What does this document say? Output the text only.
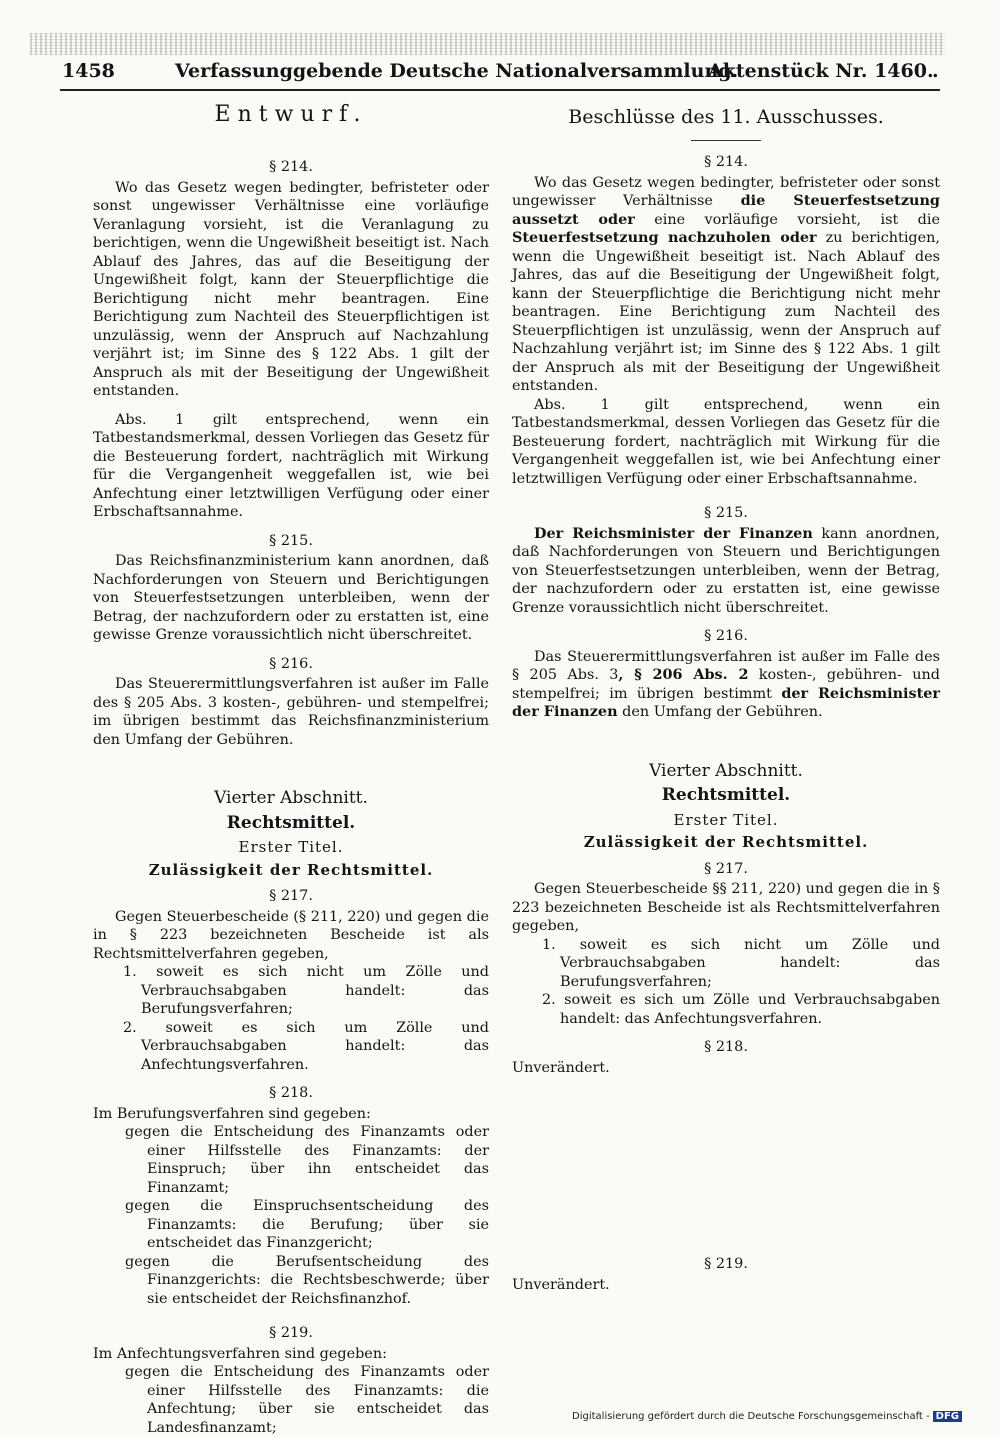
1458	Verfassunggebende Deutsche Nationalversammlung.
Aktenstück Nr. 1460.
.
Entwurf.
§ 214.

Wo das Gesetz wegen bedingter, befristeter oder sonst ungewisser Verhältnisse eine vorläufige Veranlagung vorsieht, ist die Veranlagung zu berichtigen, wenn die Ungewißheit beseitigt ist. Nach Ablauf des Jahres, das auf die Beseitigung der Ungewißheit folgt, kann der Steuerpflichtige die Berichtigung nicht mehr beantragen. Eine Berichtigung zum Nachteil des Steuerpflichtigen ist unzulässig, wenn der Anspruch auf Nachzahlung verjährt ist; im Sinne des § 122 Abs. 1 gilt der Anspruch als mit der Beseitigung der Ungewißheit entstanden.

Abs. 1 gilt entsprechend, wenn ein Tatbestandsmerkmal, dessen Vorliegen das Gesetz für die Besteuerung fordert, nachträglich mit Wirkung für die Vergangenheit weggefallen ist, wie bei Anfechtung einer letztwilligen Verfügung oder einer Erbschaftsannahme.

§ 215.

Das Reichsfinanzministerium kann anordnen, daß Nachforderungen von Steuern und Berichtigungen von Steuerfestsetzungen unterbleiben, wenn der Betrag, der nachzufordern oder zu erstatten ist, eine gewisse Grenze voraussichtlich nicht überschreitet.

§ 216.

Das Steuerermittlungsverfahren ist außer im Falle des § 205 Abs. 3 kosten-, gebühren- und stempelfrei; im übrigen bestimmt das Reichsfinanzministerium den Umfang der Gebühren.

Vierter Abschnitt.
Rechtsmittel.
Erster Titel.
Zulässigkeit der Rechtsmittel.
§ 217.

Gegen Steuerbescheide (§ 211, 220) und gegen die in § 223 bezeichneten Bescheide ist als Rechtsmittelverfahren gegeben,

1. soweit es sich nicht um Zölle und Verbrauchsabgaben handelt: das Berufungsverfahren;
2. soweit es sich um Zölle und Verbrauchsabgaben handelt: das Anfechtungsverfahren.
§ 218.

Im Berufungsverfahren sind gegeben:

gegen die Entscheidung des Finanzamts oder einer Hilfsstelle des Finanzamts: der Einspruch; über ihn entscheidet das Finanzamt;
gegen die Einspruchsentscheidung des Finanzamts: die Berufung; über sie entscheidet das Finanzgericht;
gegen die Berufsentscheidung des Finanzgerichts: die Rechtsbeschwerde; über sie entscheidet der Reichsfinanzhof.
§ 219.

Im Anfechtungsverfahren sind gegeben:

gegen die Entscheidung des Finanzamts oder einer Hilfsstelle des Finanzamts: die Anfechtung; über sie entscheidet das Landesfinanzamt;
Beschlüsse des 11. Ausschusses.
§ 214.

Wo das Gesetz wegen bedingter, befristeter oder sonst ungewisser Verhältnisse die Steuerfestsetzung aussetzt oder eine vorläufige vorsieht, ist die Steuerfestsetzung nachzuholen oder zu berichtigen, wenn die Ungewißheit beseitigt ist. Nach Ablauf des Jahres, das auf die Beseitigung der Ungewißheit folgt, kann der Steuerpflichtige die Berichtigung nicht mehr beantragen. Eine Berichtigung zum Nachteil des Steuerpflichtigen ist unzulässig, wenn der Anspruch auf Nachzahlung verjährt ist; im Sinne des § 122 Abs. 1 gilt der Anspruch als mit der Beseitigung der Ungewißheit entstanden.

Abs. 1 gilt entsprechend, wenn ein Tatbestandsmerkmal, dessen Vorliegen das Gesetz für die Besteuerung fordert, nachträglich mit Wirkung für die Vergangenheit weggefallen ist, wie bei Anfechtung einer letztwilligen Verfügung oder einer Erbschaftsannahme.

§ 215.

Der Reichsminister der Finanzen kann anordnen, daß Nachforderungen von Steuern und Berichtigungen von Steuerfestsetzungen unterbleiben, wenn der Betrag, der nachzufordern oder zu erstatten ist, eine gewisse Grenze voraussichtlich nicht überschreitet.

§ 216.

Das Steuerermittlungsverfahren ist außer im Falle des § 205 Abs. 3, § 206 Abs. 2 kosten-, gebühren- und stempelfrei; im übrigen bestimmt der Reichsminister der Finanzen den Umfang der Gebühren.

Vierter Abschnitt.
Rechtsmittel.
Erster Titel.
Zulässigkeit der Rechtsmittel.
§ 217.

Gegen Steuerbescheide §§ 211, 220) und gegen die in § 223 bezeichneten Bescheide ist als Rechtsmittelverfahren gegeben,

1. soweit es sich nicht um Zölle und Verbrauchsabgaben handelt: das Berufungsverfahren;
2. soweit es sich um Zölle und Verbrauchsabgaben handelt: das Anfechtungsverfahren.
§ 218.

Unverändert.

§ 219.

Unverändert.

Digitalisierung gefördert durch die Deutsche Forschungsgemeinschaft - DFG
